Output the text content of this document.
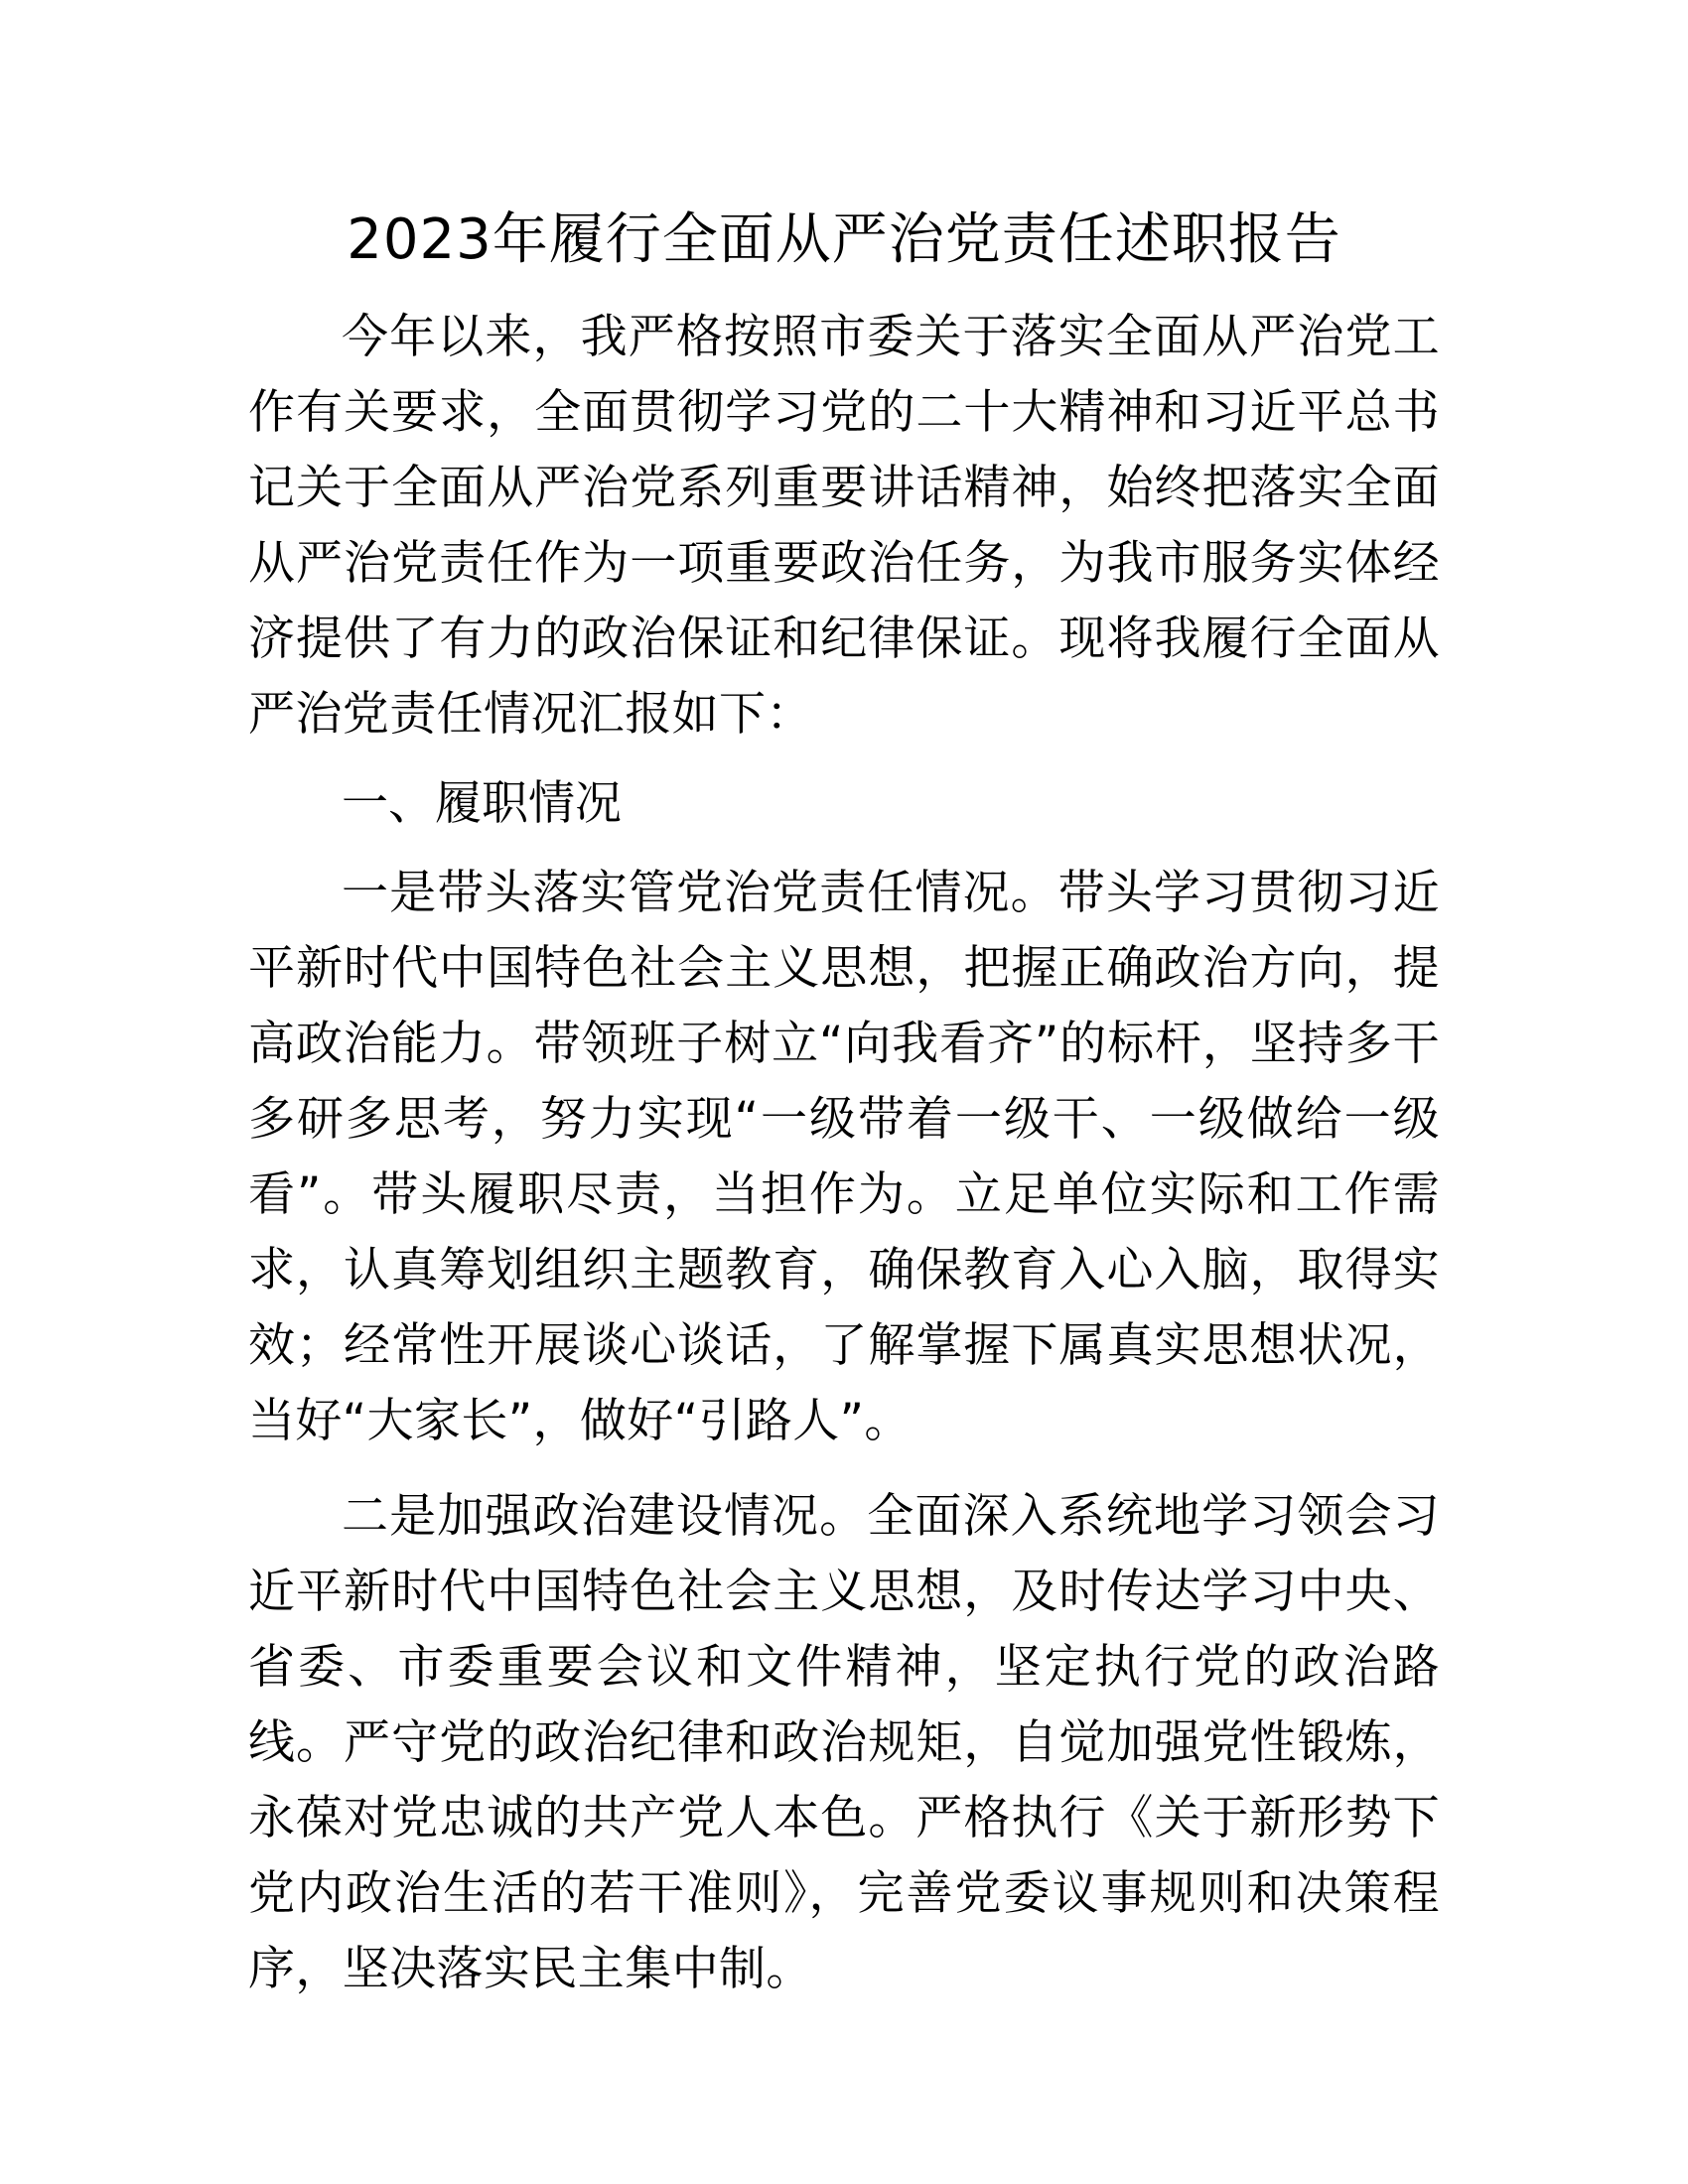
2023年履行全面从严治党责任述职报告

今年以来，我严格按照市委关于落实全面从严治党工作有关要求，全面贯彻学习党的二十大精神和习近平总书记关于全面从严治党系列重要讲话精神，始终把落实全面从严治党责任作为一项重要政治任务，为我市服务实体经济提供了有力的政治保证和纪律保证。现将我履行全面从严治党责任情况汇报如下：

一、履职情况

一是带头落实管党治党责任情况。带头学习贯彻习近平新时代中国特色社会主义思想，把握正确政治方向，提高政治能力。带领班子树立“向我看齐”的标杆，坚持多干多研多思考，努力实现“一级带着一级干、一级做给一级看”。带头履职尽责，当担作为。立足单位实际和工作需求，认真筹划组织主题教育，确保教育入心入脑，取得实效；经常性开展谈心谈话，了解掌握下属真实思想状况，当好“大家长”，做好“引路人”。

二是加强政治建设情况。全面深入系统地学习领会习近平新时代中国特色社会主义思想，及时传达学习中央、省委、市委重要会议和文件精神，坚定执行党的政治路线。严守党的政治纪律和政治规矩，自觉加强党性锻炼，永葆对党忠诚的共产党人本色。严格执行《关于新形势下党内政治生活的若干准则》，完善党委议事规则和决策程序，坚决落实民主集中制。
